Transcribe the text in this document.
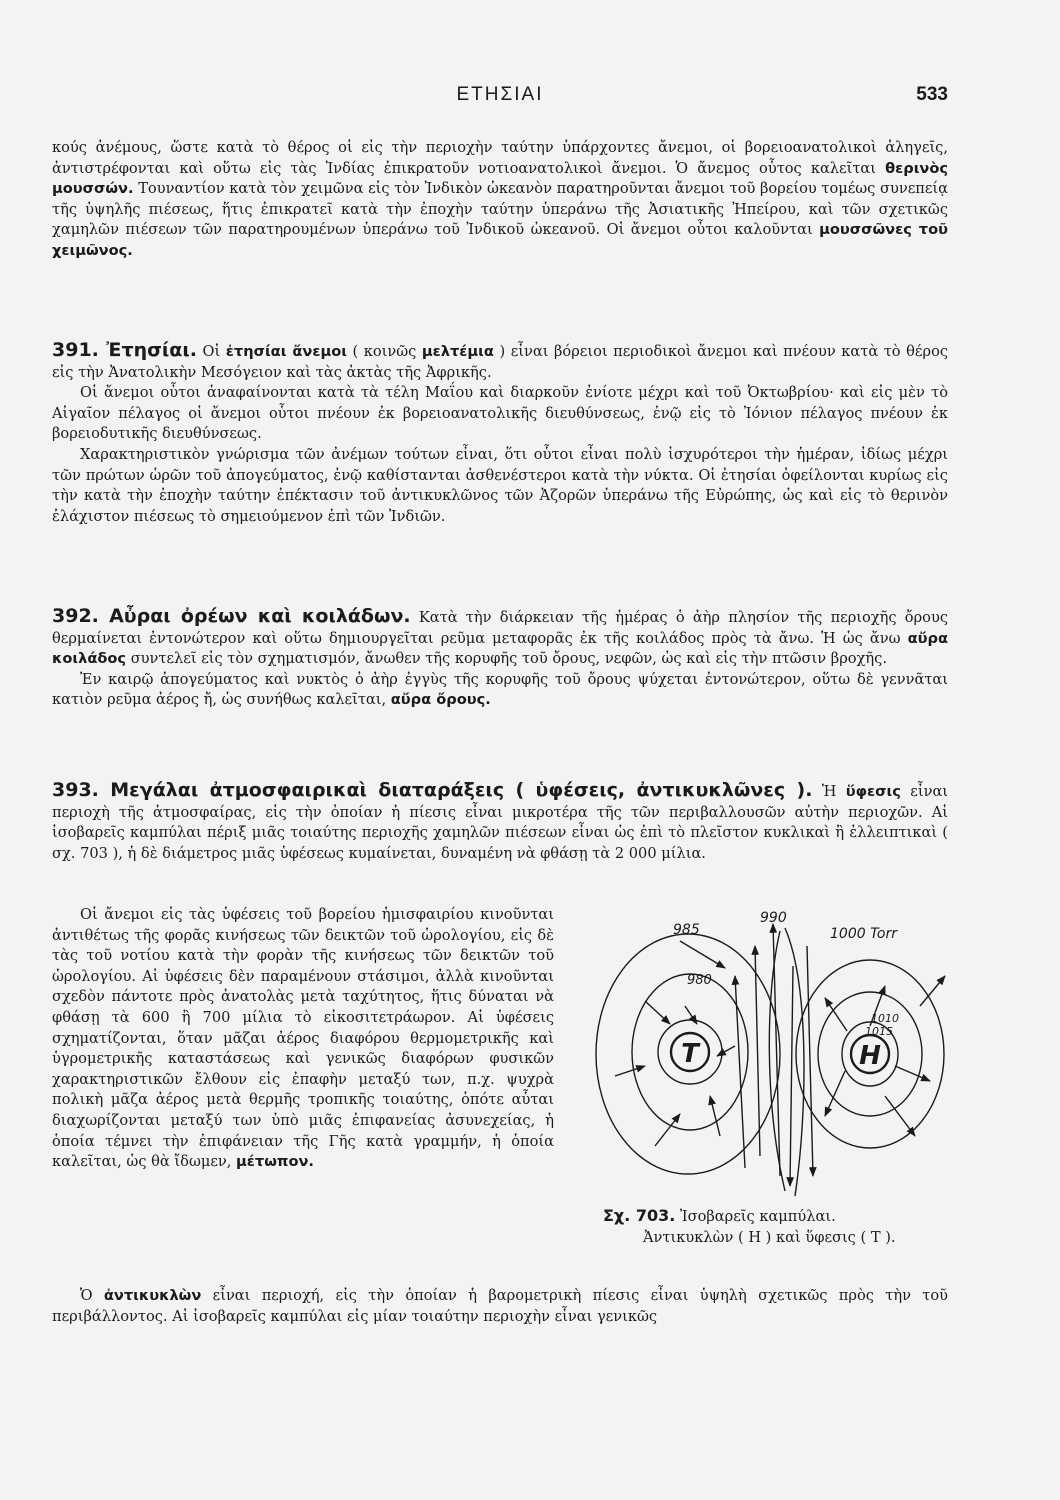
ΕΤΗΣΙΑΙ	533

κούς ἀνέμους, ὥστε κατὰ τὸ θέρος οἱ εἰς τὴν περιοχὴν ταύτην ὑπάρχοντες ἄνεμοι, οἱ βορειοανατολικοὶ ἀληγεῖς, ἀντιστρέφονται καὶ οὕτω εἰς τὰς Ἰνδίας ἐπικρατοῦν νοτιοανατολικοὶ ἄνεμοι. Ὁ ἄνεμος οὗτος καλεῖται θερινὸς μουσσών. Τουναντίον κατὰ τὸν χειμῶνα εἰς τὸν Ἰνδικὸν ὠκεανὸν παρατηροῦνται ἄνεμοι τοῦ βορείου τομέως συνεπείᾳ τῆς ὑψηλῆς πιέσεως, ἥτις ἐπικρατεῖ κατὰ τὴν ἐποχὴν ταύτην ὑπεράνω τῆς Ἀσιατικῆς Ἠπείρου, καὶ τῶν σχετικῶς χαμηλῶν πιέσεων τῶν παρατηρουμένων ὑπεράνω τοῦ Ἰνδικοῦ ὠκεανοῦ. Οἱ ἄνεμοι οὗτοι καλοῦνται μουσσῶνες τοῦ χειμῶνος.

391. Ἐτησίαι. Οἱ ἐτησίαι ἄνεμοι ( κοινῶς μελτέμια ) εἶναι βόρειοι περιοδικοὶ ἄνεμοι καὶ πνέουν κατὰ τὸ θέρος εἰς τὴν Ἀνατολικὴν Μεσόγειον καὶ τὰς ἀκτὰς τῆς Ἀφρικῆς.

Οἱ ἄνεμοι οὗτοι ἀναφαίνονται κατὰ τὰ τέλη Μαΐου καὶ διαρκοῦν ἐνίοτε μέχρι καὶ τοῦ Ὀκτωβρίου· καὶ εἰς μὲν τὸ Αἰγαῖον πέλαγος οἱ ἄνεμοι οὗτοι πνέουν ἐκ βορειοανατολικῆς διευθύνσεως, ἐνῷ εἰς τὸ Ἰόνιον πέλαγος πνέουν ἐκ βορειοδυτικῆς διευθύνσεως.

Χαρακτηριστικὸν γνώρισμα τῶν ἀνέμων τούτων εἶναι, ὅτι οὗτοι εἶναι πολὺ ἰσχυρότεροι τὴν ἡμέραν, ἰδίως μέχρι τῶν πρώτων ὡρῶν τοῦ ἀπογεύματος, ἐνῷ καθίστανται ἀσθενέστεροι κατὰ τὴν νύκτα. Οἱ ἐτησίαι ὀφείλονται κυρίως εἰς τὴν κατὰ τὴν ἐποχὴν ταύτην ἐπέκτασιν τοῦ ἀντικυκλῶνος τῶν Ἀζορῶν ὑπεράνω τῆς Εὐρώπης, ὡς καὶ εἰς τὸ θερινὸν ἐλάχιστον πιέσεως τὸ σημειούμενον ἐπὶ τῶν Ἰνδιῶν.

392. Αὖραι ὀρέων καὶ κοιλάδων. Κατὰ τὴν διάρκειαν τῆς ἡμέρας ὁ ἀὴρ πλησίον τῆς περιοχῆς ὄρους θερμαίνεται ἐντονώτερον καὶ οὕτω δημιουργεῖται ρεῦμα μεταφορᾶς ἐκ τῆς κοιλάδος πρὸς τὰ ἄνω. Ἡ ὡς ἄνω αὔρα κοιλάδος συντελεῖ εἰς τὸν σχηματισμόν, ἄνωθεν τῆς κορυφῆς τοῦ ὄρους, νεφῶν, ὡς καὶ εἰς τὴν πτῶσιν βροχῆς.

Ἐν καιρῷ ἀπογεύματος καὶ νυκτὸς ὁ ἀὴρ ἐγγὺς τῆς κορυφῆς τοῦ ὄρους ψύχεται ἐντονώτερον, οὕτω δὲ γεννᾶται κατιὸν ρεῦμα ἀέρος ἤ, ὡς συνήθως καλεῖται, αὔρα ὄρους.

393. Μεγάλαι ἀτμοσφαιρικαὶ διαταράξεις ( ὑφέσεις, ἀντικυκλῶνες ). Ἡ ὕφεσις εἶναι περιοχὴ τῆς ἀτμοσφαίρας, εἰς τὴν ὁποίαν ἡ πίεσις εἶναι μικροτέρα τῆς τῶν περιβαλλουσῶν αὐτὴν περιοχῶν. Αἱ ἰσοβαρεῖς καμπύλαι πέριξ μιᾶς τοιαύτης περιοχῆς χαμηλῶν πιέσεων εἶναι ὡς ἐπὶ τὸ πλεῖστον κυκλικαὶ ἢ ἐλλειπτικαὶ ( σχ. 703 ), ἡ δὲ διάμετρος μιᾶς ὑφέσεως κυμαίνεται, δυναμένη νὰ φθάσῃ τὰ 2 000 μίλια.

Οἱ ἄνεμοι εἰς τὰς ὑφέσεις τοῦ βορείου ἡμισφαιρίου κινοῦνται ἀντιθέτως τῆς φορᾶς κινήσεως τῶν δεικτῶν τοῦ ὡρολογίου, εἰς δὲ τὰς τοῦ νοτίου κατὰ τὴν φορὰν τῆς κινήσεως τῶν δεικτῶν τοῦ ὡρολογίου. Αἱ ὑφέσεις δὲν παραμένουν στάσιμοι, ἀλλὰ κινοῦνται σχεδὸν πάντοτε πρὸς ἀνατολὰς μετὰ ταχύτητος, ἥτις δύναται νὰ φθάσῃ τὰ 600 ἢ 700 μίλια τὸ εἰκοσιτετράωρον. Αἱ ὑφέσεις σχηματίζονται, ὅταν μᾶζαι ἀέρος διαφόρου θερμομετρικῆς καὶ ὑγρομετρικῆς καταστάσεως καὶ γενικῶς διαφόρων φυσικῶν χαρακτηριστικῶν ἔλθουν εἰς ἐπαφὴν μεταξύ των, π.χ. ψυχρὰ πολικὴ μᾶζα ἀέρος μετὰ θερμῆς τροπικῆς τοιαύτης, ὁπότε αὗται διαχωρίζονται μεταξύ των ὑπὸ μιᾶς ἐπιφανείας ἀσυνεχείας, ἡ ὁποία τέμνει τὴν ἐπιφάνειαν τῆς Γῆς κατὰ γραμμήν, ἡ ὁποία καλεῖται, ὡς θὰ ἴδωμεν, μέτωπον.

Ὁ ἀντικυκλὼν εἶναι περιοχή, εἰς τὴν ὁποίαν ἡ βαρομετρικὴ πίεσις εἶναι ὑψηλὴ σχετικῶς πρὸς τὴν τοῦ περιβάλλοντος. Αἱ ἰσοβαρεῖς καμπύλαι εἰς μίαν τοιαύτην περιοχὴν εἶναι γενικῶς

T	H
985
990
1000 Torr
980
1010
1015
Σχ. 703. Ἰσοβαρεῖς καμπύλαι.
Ἀντικυκλὼν ( Η ) καὶ ὕφεσις ( Τ ).
